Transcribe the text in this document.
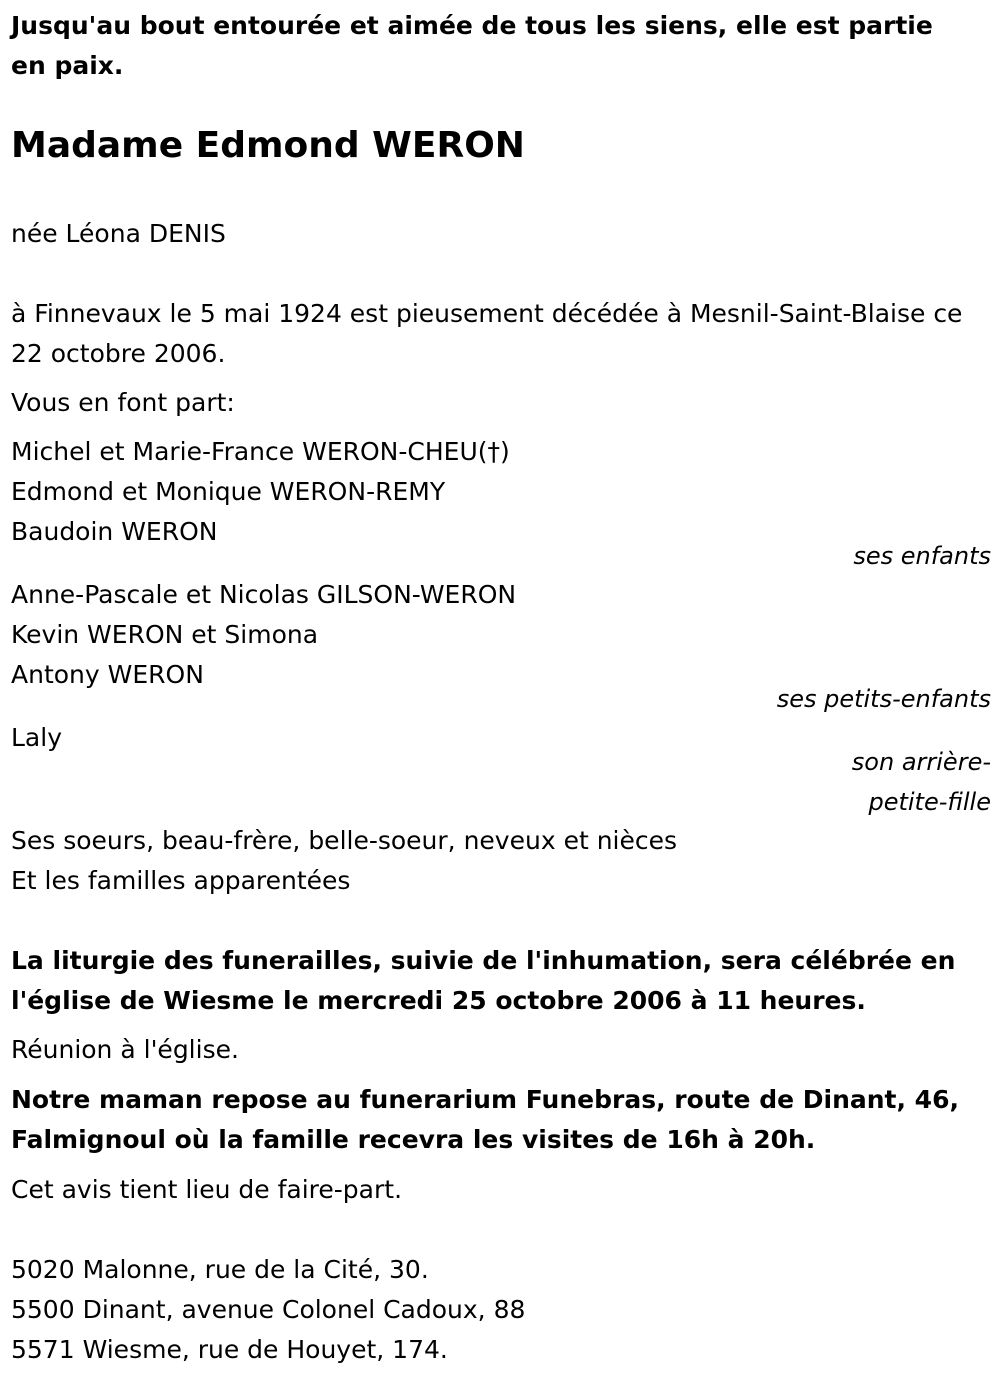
Jusqu'au bout entourée et aimée de tous les siens, elle est partie en paix.

Madame Edmond WERON

née Léona DENIS

à Finnevaux le 5 mai 1924 est pieusement décédée à Mesnil-Saint-Blaise ce 22 octobre 2006.

Vous en font part:

Michel et Marie-France WERON-CHEU(†)

Edmond et Monique WERON-REMY

Baudoin WERON

ses enfants

Anne-Pascale et Nicolas GILSON-WERON

Kevin WERON et Simona

Antony WERON

ses petits-enfants

Laly

son arrière-

petite-fille

Ses soeurs, beau-frère, belle-soeur, neveux et nièces

Et les familles apparentées

La liturgie des funerailles, suivie de l'inhumation, sera célébrée en l'église de Wiesme le mercredi 25 octobre 2006 à 11 heures.

Réunion à l'église.

Notre maman repose au funerarium Funebras, route de Dinant, 46, Falmignoul où la famille recevra les visites de 16h à 20h.

Cet avis tient lieu de faire-part.

5020 Malonne, rue de la Cité, 30.

5500 Dinant, avenue Colonel Cadoux, 88

5571 Wiesme, rue de Houyet, 174.
